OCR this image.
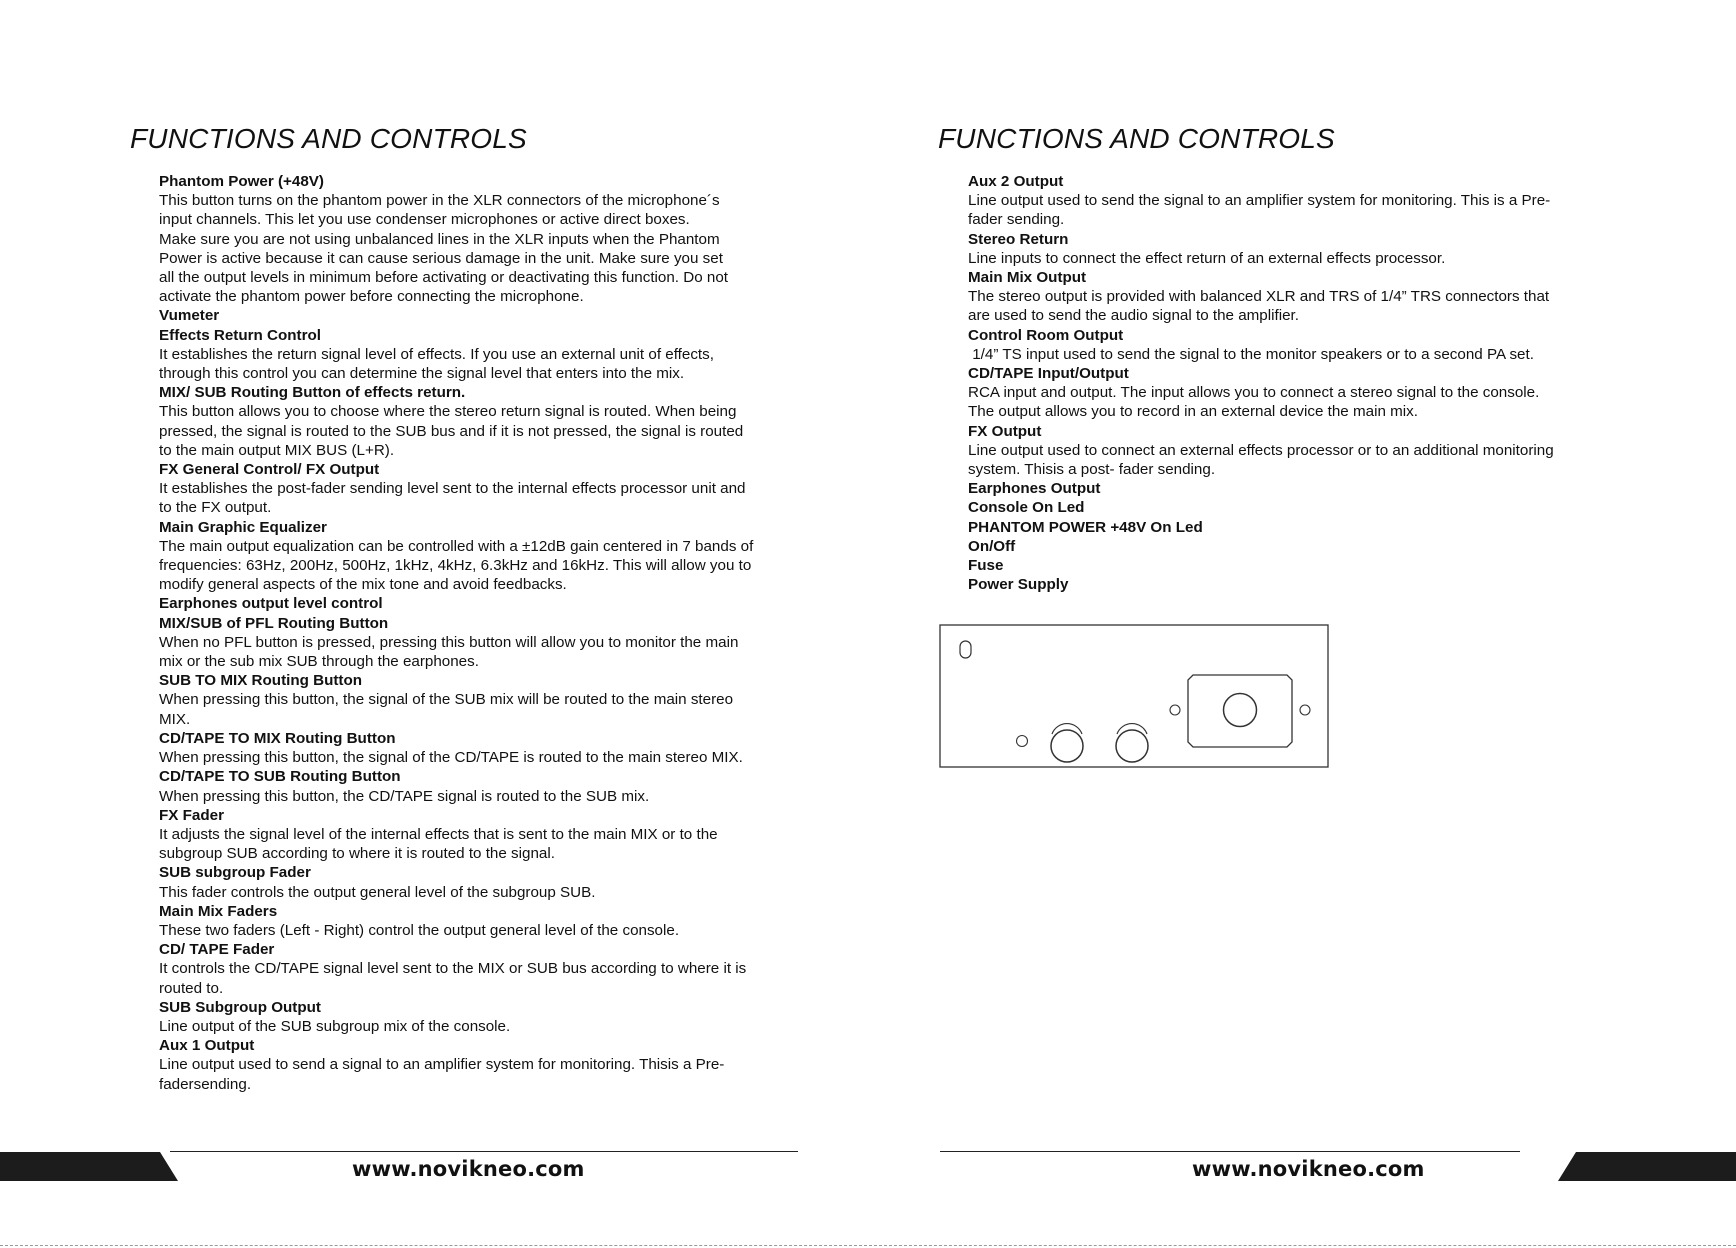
FUNCTIONS AND CONTROLS
Phantom Power (+48V)
This button turns on the phantom power in the XLR connectors of the microphone´s
input channels. This let you use condenser microphones or active direct boxes.
Make sure you are not using unbalanced lines in the XLR inputs when the Phantom
Power is active because it can cause serious damage in the unit. Make sure you set
all the output levels in minimum before activating or deactivating this function. Do not
activate the phantom power before connecting the microphone.
Vumeter
Effects Return Control
It establishes the return signal level of effects. If you use an external unit of effects,
through this control you can determine the signal level that enters into the mix.
MIX/ SUB Routing Button of effects return.
This button allows you to choose where the stereo return signal is routed. When being
pressed, the signal is routed to the SUB bus and if it is not pressed, the signal is routed
to the main output MIX BUS (L+R).
FX General Control/ FX Output
It establishes the post-fader sending level sent to the internal effects processor unit and
to the FX output.
Main Graphic Equalizer
The main output equalization can be controlled with a ±12dB gain centered in 7 bands of
frequencies: 63Hz, 200Hz, 500Hz, 1kHz, 4kHz, 6.3kHz and 16kHz. This will allow you to
modify general aspects of the mix tone and avoid feedbacks.
Earphones output level control
MIX/SUB of PFL Routing Button
When no PFL button is pressed, pressing this button will allow you to monitor the main
mix or the sub mix SUB through the earphones.
SUB TO MIX Routing Button
When pressing this button, the signal of the SUB mix will be routed to the main stereo
MIX.
CD/TAPE TO MIX Routing Button
When pressing this button, the signal of the CD/TAPE is routed to the main stereo MIX.
CD/TAPE TO SUB Routing Button
When pressing this button, the CD/TAPE signal is routed to the SUB mix.
FX Fader
It adjusts the signal level of the internal effects that is sent to the main MIX or to the
subgroup SUB according to where it is routed to the signal.
SUB subgroup Fader
This fader controls the output general level of the subgroup SUB.
Main Mix Faders
These two faders (Left - Right) control the output general level of the console.
CD/ TAPE Fader
It controls the CD/TAPE signal level sent to the MIX or SUB bus according to where it is
routed to.
SUB Subgroup Output
Line output of the SUB subgroup mix of the console.
Aux 1 Output
Line output used to send a signal to an amplifier system for monitoring. Thisis a Pre-
fadersending.
www.novikneo.com
FUNCTIONS AND CONTROLS
Aux 2 Output
Line output used to send the signal to an amplifier system for monitoring. This is a Pre-
fader sending.
Stereo Return
Line inputs to connect the effect return of an external effects processor.
Main Mix Output
The stereo output is provided with balanced XLR and TRS of 1/4” TRS connectors that
are used to send the audio signal to the amplifier.
Control Room Output
1/4” TS input used to send the signal to the monitor speakers or to a second PA set.
CD/TAPE Input/Output
RCA input and output. The input allows you to connect a stereo signal to the console.
The output allows you to record in an external device the main mix.
FX Output
Line output used to connect an external effects processor or to an additional monitoring
system. Thisis a post- fader sending.
Earphones Output
Console On Led
PHANTOM POWER +48V On Led
On/Off
Fuse
Power Supply
www.novikneo.com
